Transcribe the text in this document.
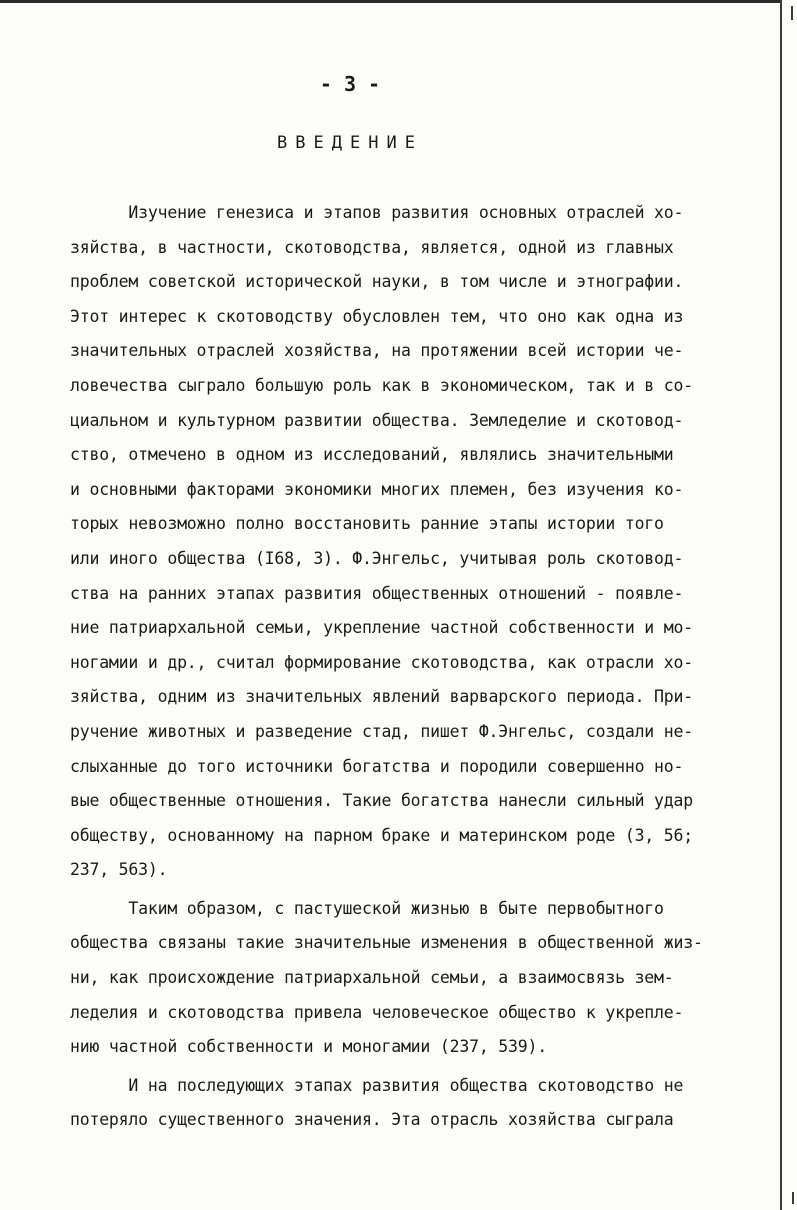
- 3 -
ВВЕДЕНИЕ
Изучение генезиса и этапов развития основных отраслей хо-
зяйства, в частности, скотоводства, является, одной из главных
проблем советской исторической науки, в том числе и этнографии.
Этот интерес к скотоводству обусловлен тем, что оно как одна из
значительных отраслей хозяйства, на протяжении всей истории че-
ловечества сыграло большую роль как в экономическом, так и в со-
циальном и культурном развитии общества. Земледелие и скотовод-
ство, отмечено в одном из исследований, являлись значительными
и основными факторами экономики многих племен, без изучения ко-
торых невозможно полно восстановить ранние этапы истории того
или иного общества (I68, 3). Ф.Энгельс, учитывая роль скотовод-
ства на ранних этапах развития общественных отношений - появле-
ние патриархальной семьи, укрепление частной собственности и мо-
ногамии и др., считал формирование скотоводства, как отрасли хо-
зяйства, одним из значительных явлений варварского периода. При-
ручение животных и разведение стад, пишет Ф.Энгельс, создали не-
слыханные до того источники богатства и породили совершенно но-
вые общественные отношения. Такие богатства нанесли сильный удар
обществу, основанному на парном браке и материнском роде (3, 56;
237, 563).
Таким образом, с пастушеской жизнью в быте первобытного
общества связаны такие значительные изменения в общественной жиз-
ни, как происхождение патриархальной семьи, а взаимосвязь зем-
леделия и скотоводства привела человеческое общество к укрепле-
нию частной собственности и моногамии (237, 539).
И на последующих этапах развития общества скотоводство не
потеряло существенного значения. Эта отрасль хозяйства сыграла
